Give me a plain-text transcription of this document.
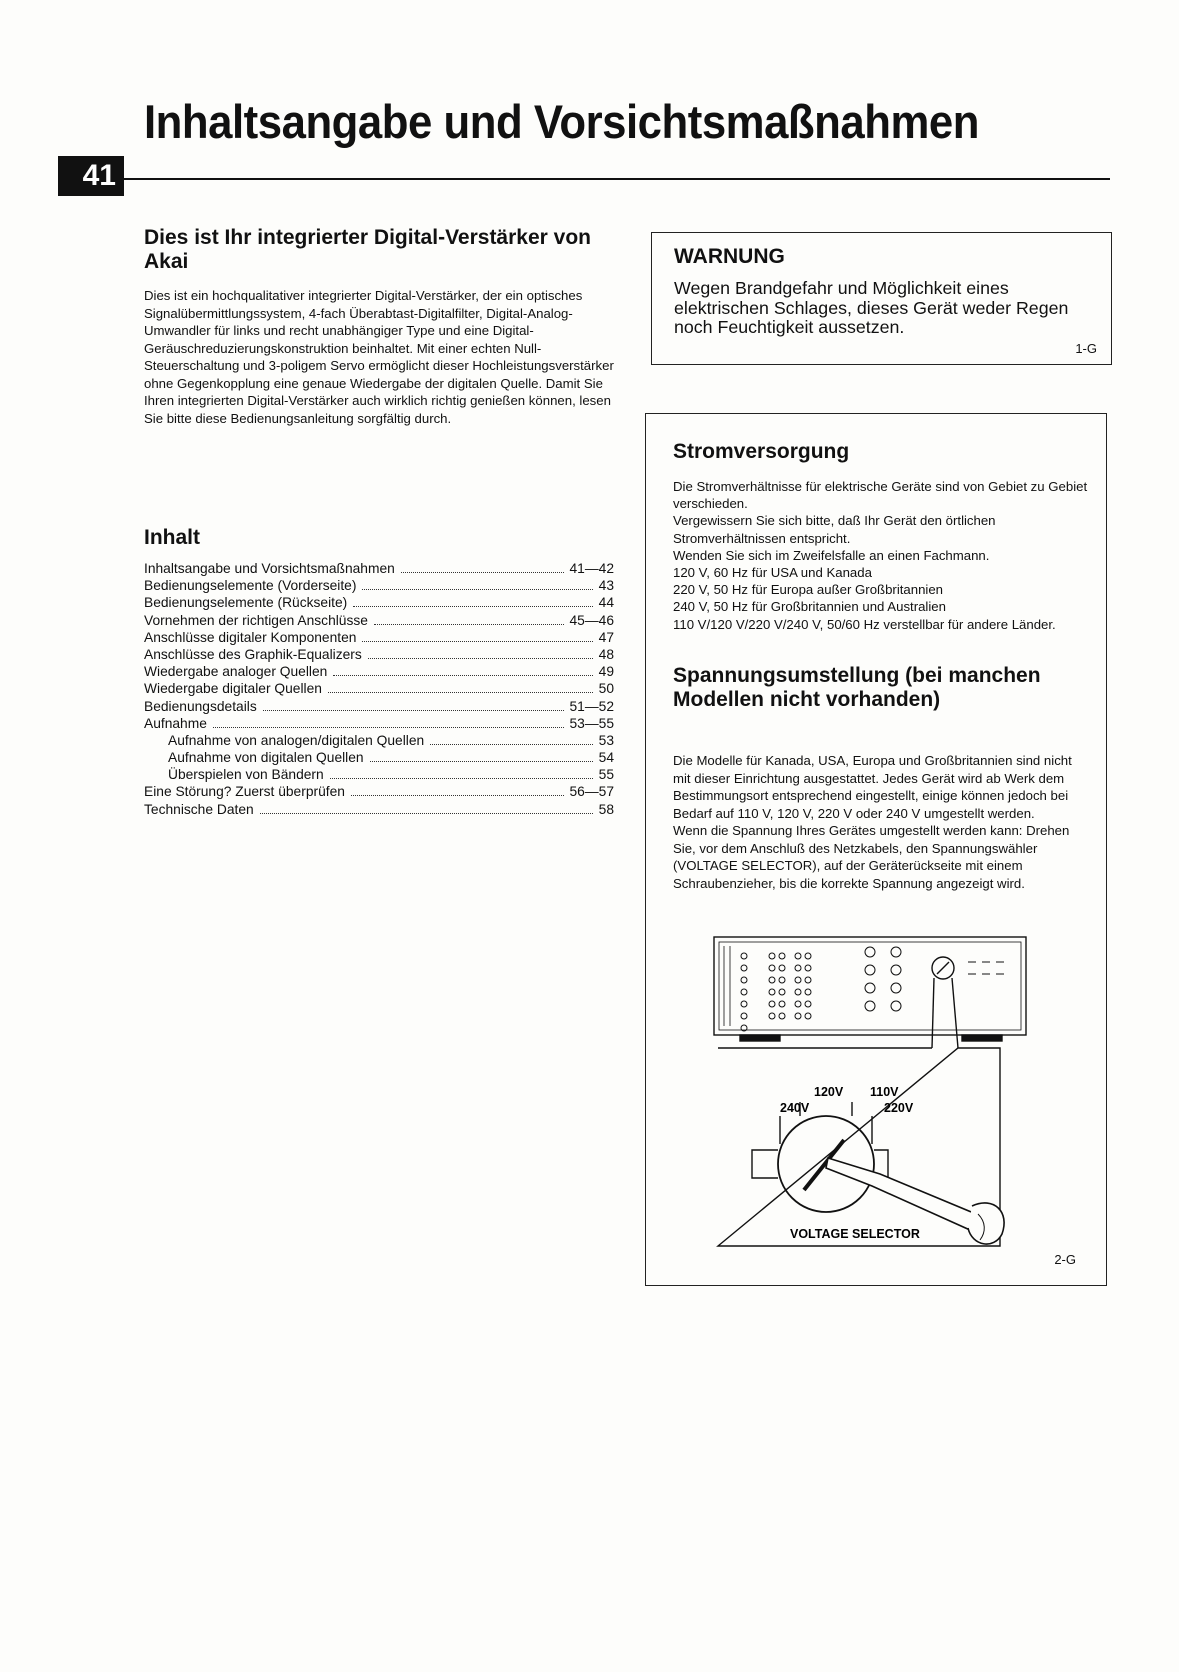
Inhaltsangabe und Vorsichtsmaßnahmen
41
Dies ist Ihr integrierter Digital-Verstärker von Akai

Dies ist ein hochqualitativer integrierter Digital-Verstärker, der ein optisches Signalübermittlungssystem, 4-fach Überabtast-Digitalfilter, Digital-Analog-Umwandler für links und recht unabhängiger Type und eine Digital-Geräuschreduzierungskonstruktion beinhaltet. Mit einer echten Null-Steuerschaltung und 3-poligem Servo ermöglicht dieser Hochleistungsverstärker ohne Gegenkopplung eine genaue Wiedergabe der digitalen Quelle. Damit Sie Ihren integrierten Digital-Verstärker auch wirklich richtig genießen können, lesen Sie bitte diese Bedienungsanleitung sorgfältig durch.

Inhalt
Inhaltsangabe und Vorsichtsmaßnahmen	41—42
Bedienungselemente (Vorderseite)	43
Bedienungselemente (Rückseite)	44
Vornehmen der richtigen Anschlüsse	45—46
Anschlüsse digitaler Komponenten	47
Anschlüsse des Graphik-Equalizers	48
Wiedergabe analoger Quellen	49
Wiedergabe digitaler Quellen	50
Bedienungsdetails	51—52
Aufnahme	53—55
Aufnahme von analogen/digitalen Quellen	53
Aufnahme von digitalen Quellen	54
Überspielen von Bändern	55
Eine Störung? Zuerst überprüfen	56—57
Technische Daten	58
WARNUNG

Wegen Brandgefahr und Möglichkeit eines elektrischen Schlages, dieses Gerät weder Regen noch Feuchtigkeit aussetzen.

1-G
Stromversorgung
Die Stromverhältnisse für elektrische Geräte sind von Gebiet zu Gebiet verschieden.
Vergewissern Sie sich bitte, daß Ihr Gerät den örtlichen Stromverhältnissen entspricht.
Wenden Sie sich im Zweifelsfalle an einen Fachmann.
120 V, 60 Hz für USA und Kanada
220 V, 50 Hz für Europa außer Großbritannien
240 V, 50 Hz für Großbritannien und Australien
110 V/120 V/220 V/240 V, 50/60 Hz verstellbar für andere Länder.
Spannungsumstellung (bei manchen Modellen nicht vorhanden)
Die Modelle für Kanada, USA, Europa und Großbritannien sind nicht mit dieser Einrichtung ausgestattet. Jedes Gerät wird ab Werk dem Bestimmungsort entsprechend eingestellt, einige können jedoch bei Bedarf auf 110 V, 120 V, 220 V oder 240 V umgestellt werden.
Wenn die Spannung Ihres Gerätes umgestellt werden kann: Drehen Sie, vor dem Anschluß des Netzkabels, den Spannungswähler (VOLTAGE SELECTOR), auf der Geräterückseite mit einem Schraubenzieher, bis die korrekte Spannung angezeigt wird.
120V 110V
240V	220V
VOLTAGE SELECTOR
2-G
